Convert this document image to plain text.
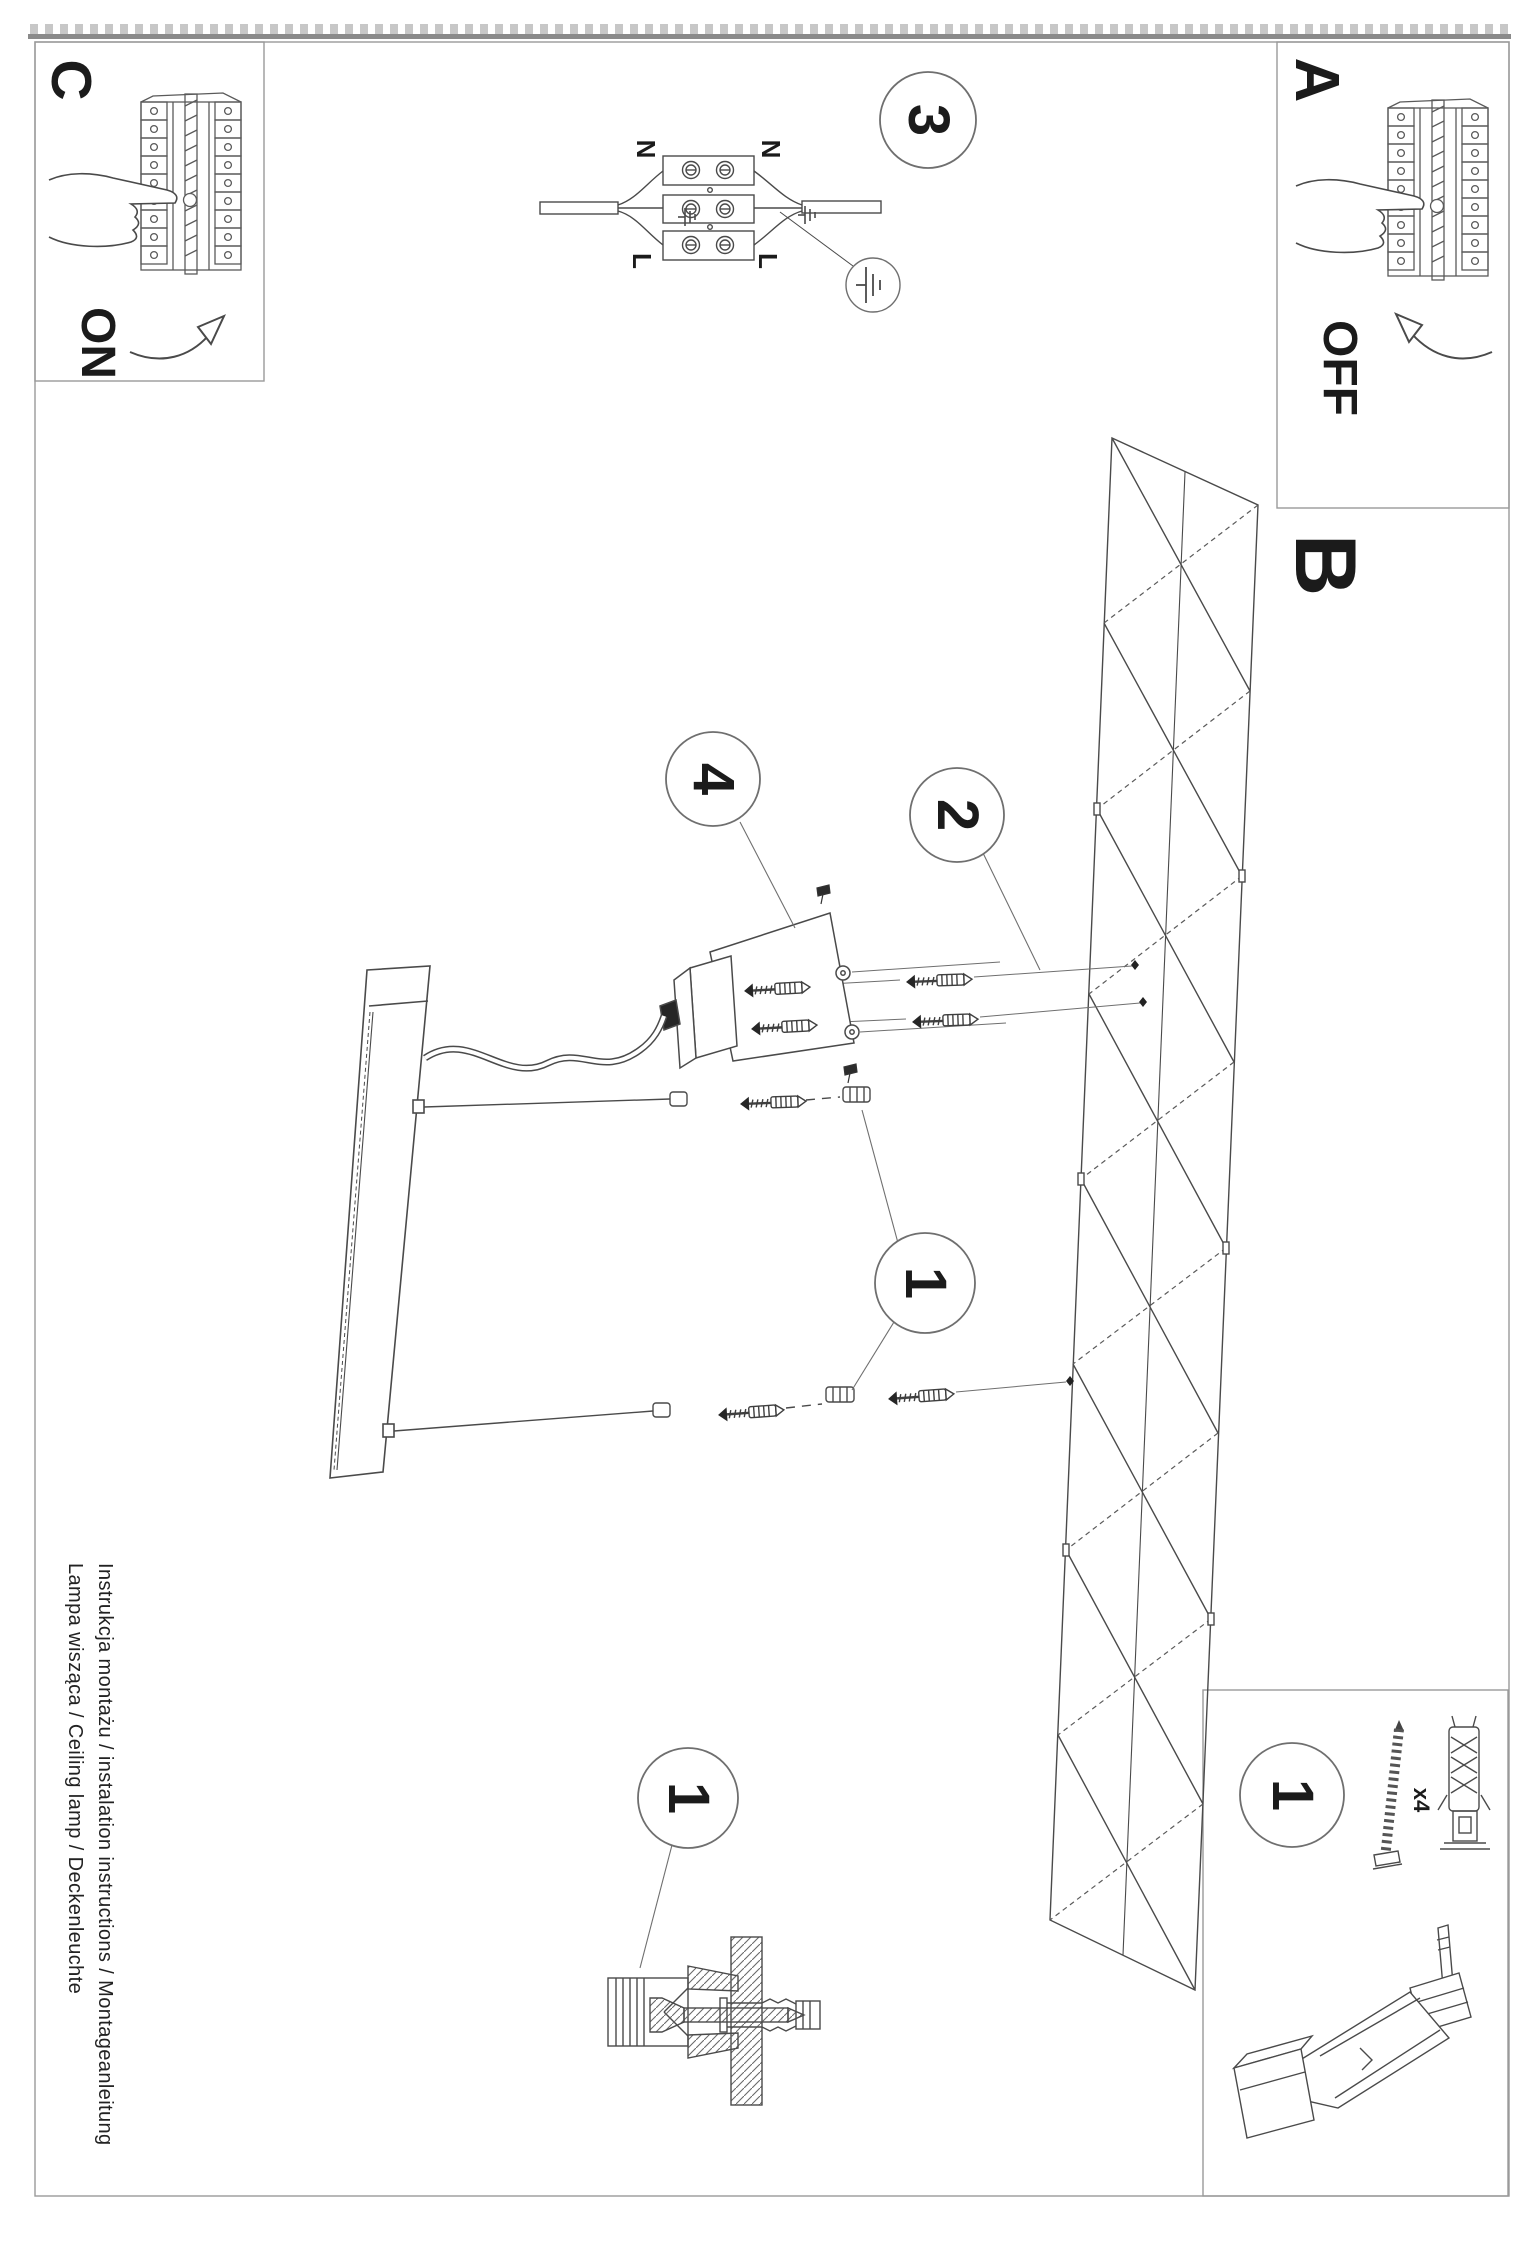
C
ON
A
OFF
B
3
4
2
1
1	1
N	N
L	L
x4
Instrukcja montażu / instalation instructions / Montageanleitung
Lampa wisząca / Ceiling lamp / Deckenleuchte
